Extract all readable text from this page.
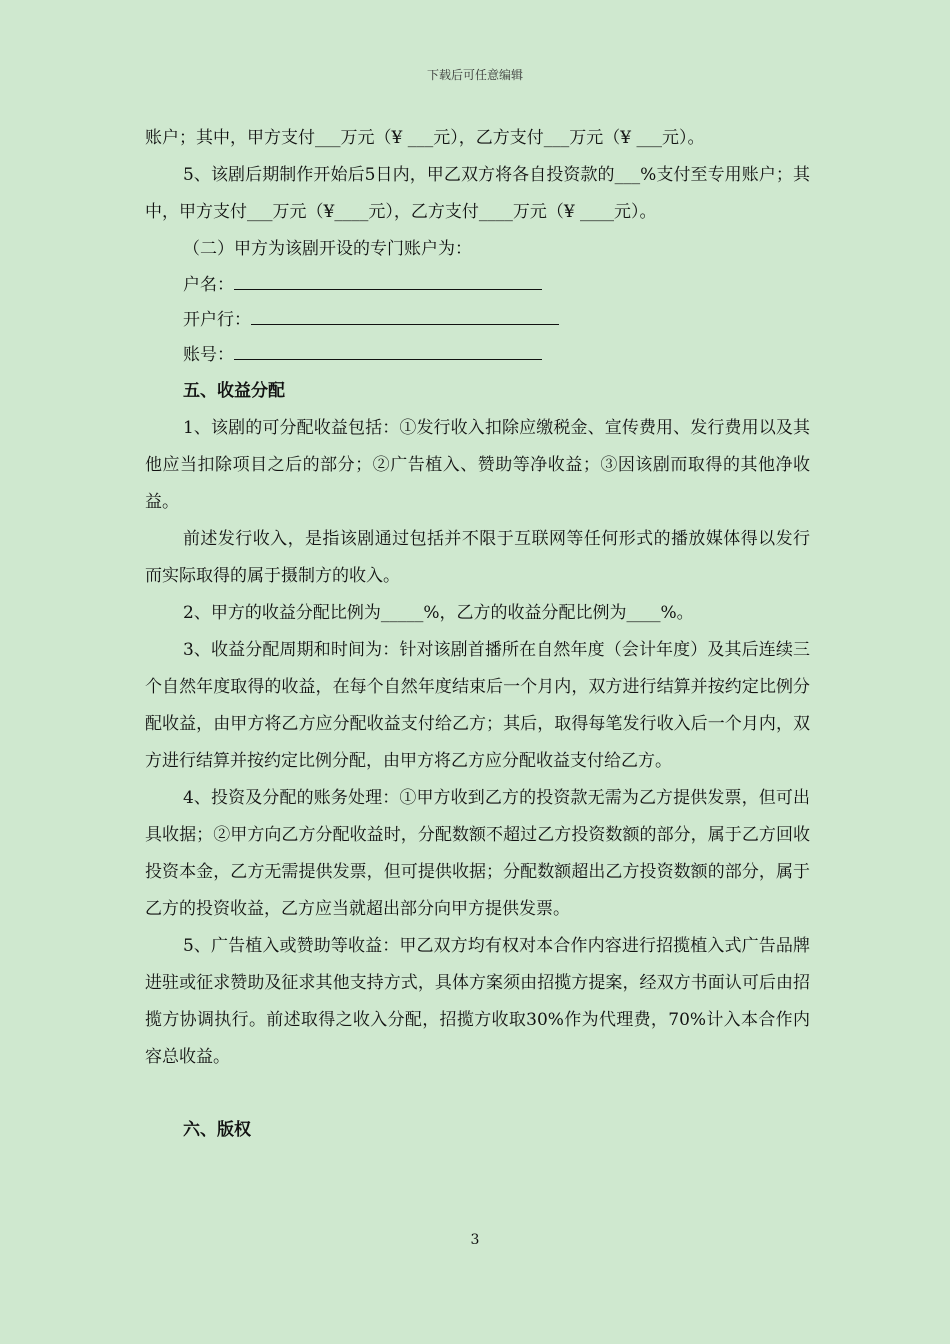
下载后可任意编辑

账户；其中，甲方支付___万元（¥ ___元），乙方支付___万元（¥ ___元）。

5、该剧后期制作开始后5日内，甲乙双方将各自投资款的___%支付至专用账户；其中，甲方支付___万元（¥____元），乙方支付____万元（¥ ____元）。

（二）甲方为该剧开设的专门账户为：

户名：
开户行：
账号：

五、收益分配

1、该剧的可分配收益包括：①发行收入扣除应缴税金、宣传费用、发行费用以及其他应当扣除项目之后的部分；②广告植入、赞助等净收益；③因该剧而取得的其他净收益。

前述发行收入，是指该剧通过包括并不限于互联网等任何形式的播放媒体得以发行而实际取得的属于摄制方的收入。

2、甲方的收益分配比例为_____%，乙方的收益分配比例为____%。

3、收益分配周期和时间为：针对该剧首播所在自然年度（会计年度）及其后连续三个自然年度取得的收益，在每个自然年度结束后一个月内，双方进行结算并按约定比例分配收益，由甲方将乙方应分配收益支付给乙方；其后，取得每笔发行收入后一个月内，双方进行结算并按约定比例分配，由甲方将乙方应分配收益支付给乙方。

4、投资及分配的账务处理：①甲方收到乙方的投资款无需为乙方提供发票，但可出具收据；②甲方向乙方分配收益时，分配数额不超过乙方投资数额的部分，属于乙方回收投资本金，乙方无需提供发票，但可提供收据；分配数额超出乙方投资数额的部分，属于乙方的投资收益，乙方应当就超出部分向甲方提供发票。

5、广告植入或赞助等收益：甲乙双方均有权对本合作内容进行招揽植入式广告品牌进驻或征求赞助及征求其他支持方式，具体方案须由招揽方提案，经双方书面认可后由招揽方协调执行。前述取得之收入分配，招揽方收取30%作为代理费，70%计入本合作内容总收益。

六、版权

3
